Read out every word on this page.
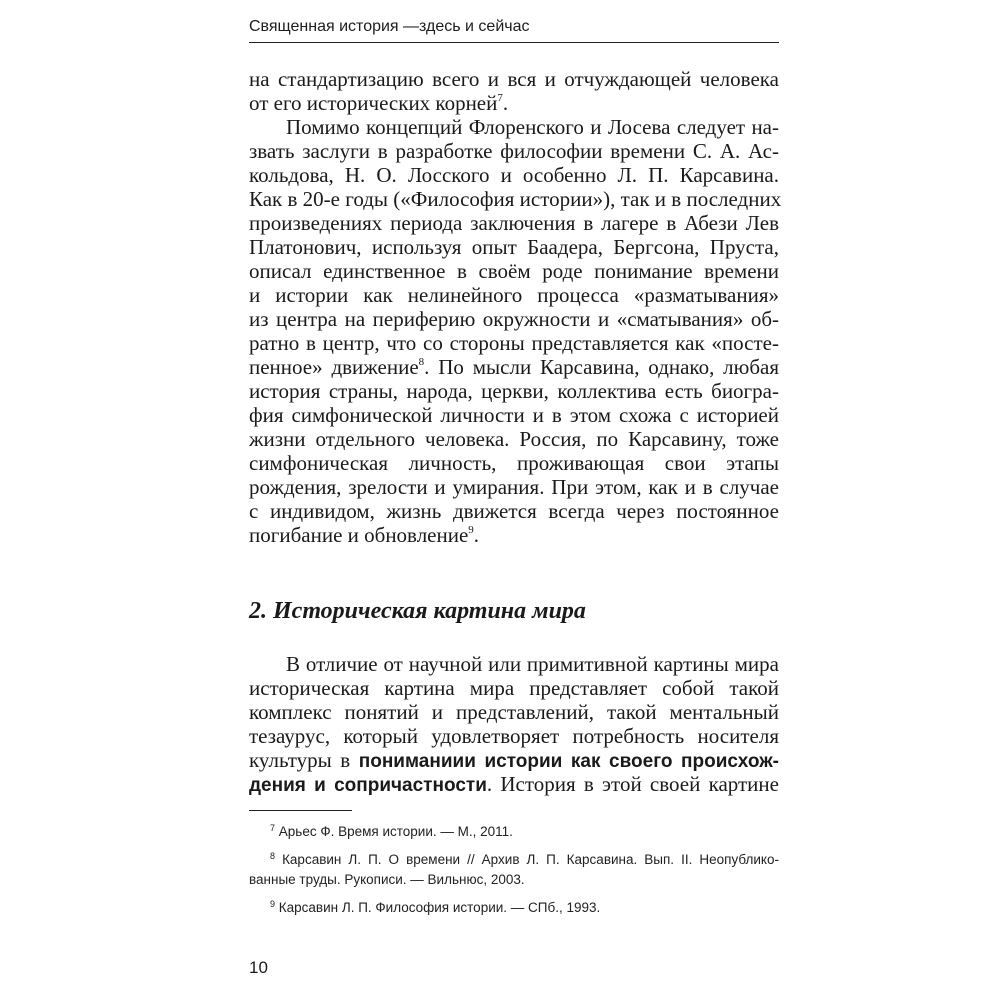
Священная история —здесь и сейчас
на стандартизацию всего и вся и отчуждающей человека
от его исторических корней$^7$.
Помимо концепций Флоренского и Лосева следует на-
звать заслуги в разработке философии времени С. А. Ас-
кольдова, Н. О. Лосского и особенно Л. П. Карсавина.
Как в 20-е годы («Философия истории»), так и в последних
произведениях периода заключения в лагере в Абези Лев
Платонович, используя опыт Баадера, Бергсона, Пруста,
описал единственное в своём роде понимание времени
и истории как нелинейного процесса «разматывания»
из центра на периферию окружности и «сматывания» об-
ратно в центр, что со стороны представляется как «посте-
пенное» движение$^8$. По мысли Карсавина, однако, любая
история страны, народа, церкви, коллектива есть биогра-
фия симфонической личности и в этом схожа с историей
жизни отдельного человека. Россия, по Карсавину, тоже
симфоническая личность, проживающая свои этапы
рождения, зрелости и умирания. При этом, как и в случае
с индивидом, жизнь движется всегда через постоянное
погибание и обновление$^9$.
2. Историческая картина мира
В отличие от научной или примитивной картины мира
историческая картина мира представляет собой такой
комплекс понятий и представлений, такой ментальный
тезаурус, который удовлетворяет потребность носителя
культуры в пониманиии истории как своего происхож-
дения и сопричастности. История в этой своей картине
$^7$ Арьес Ф. Время истории. — М., 2011.
$^8$ Карсавин Л. П. О времени // Архив Л. П. Карсавина. Вып. II. Неопублико-
ванные труды. Рукописи. — Вильнюс, 2003.
$^9$ Карсавин Л. П. Философия истории. — СПб., 1993.
10
